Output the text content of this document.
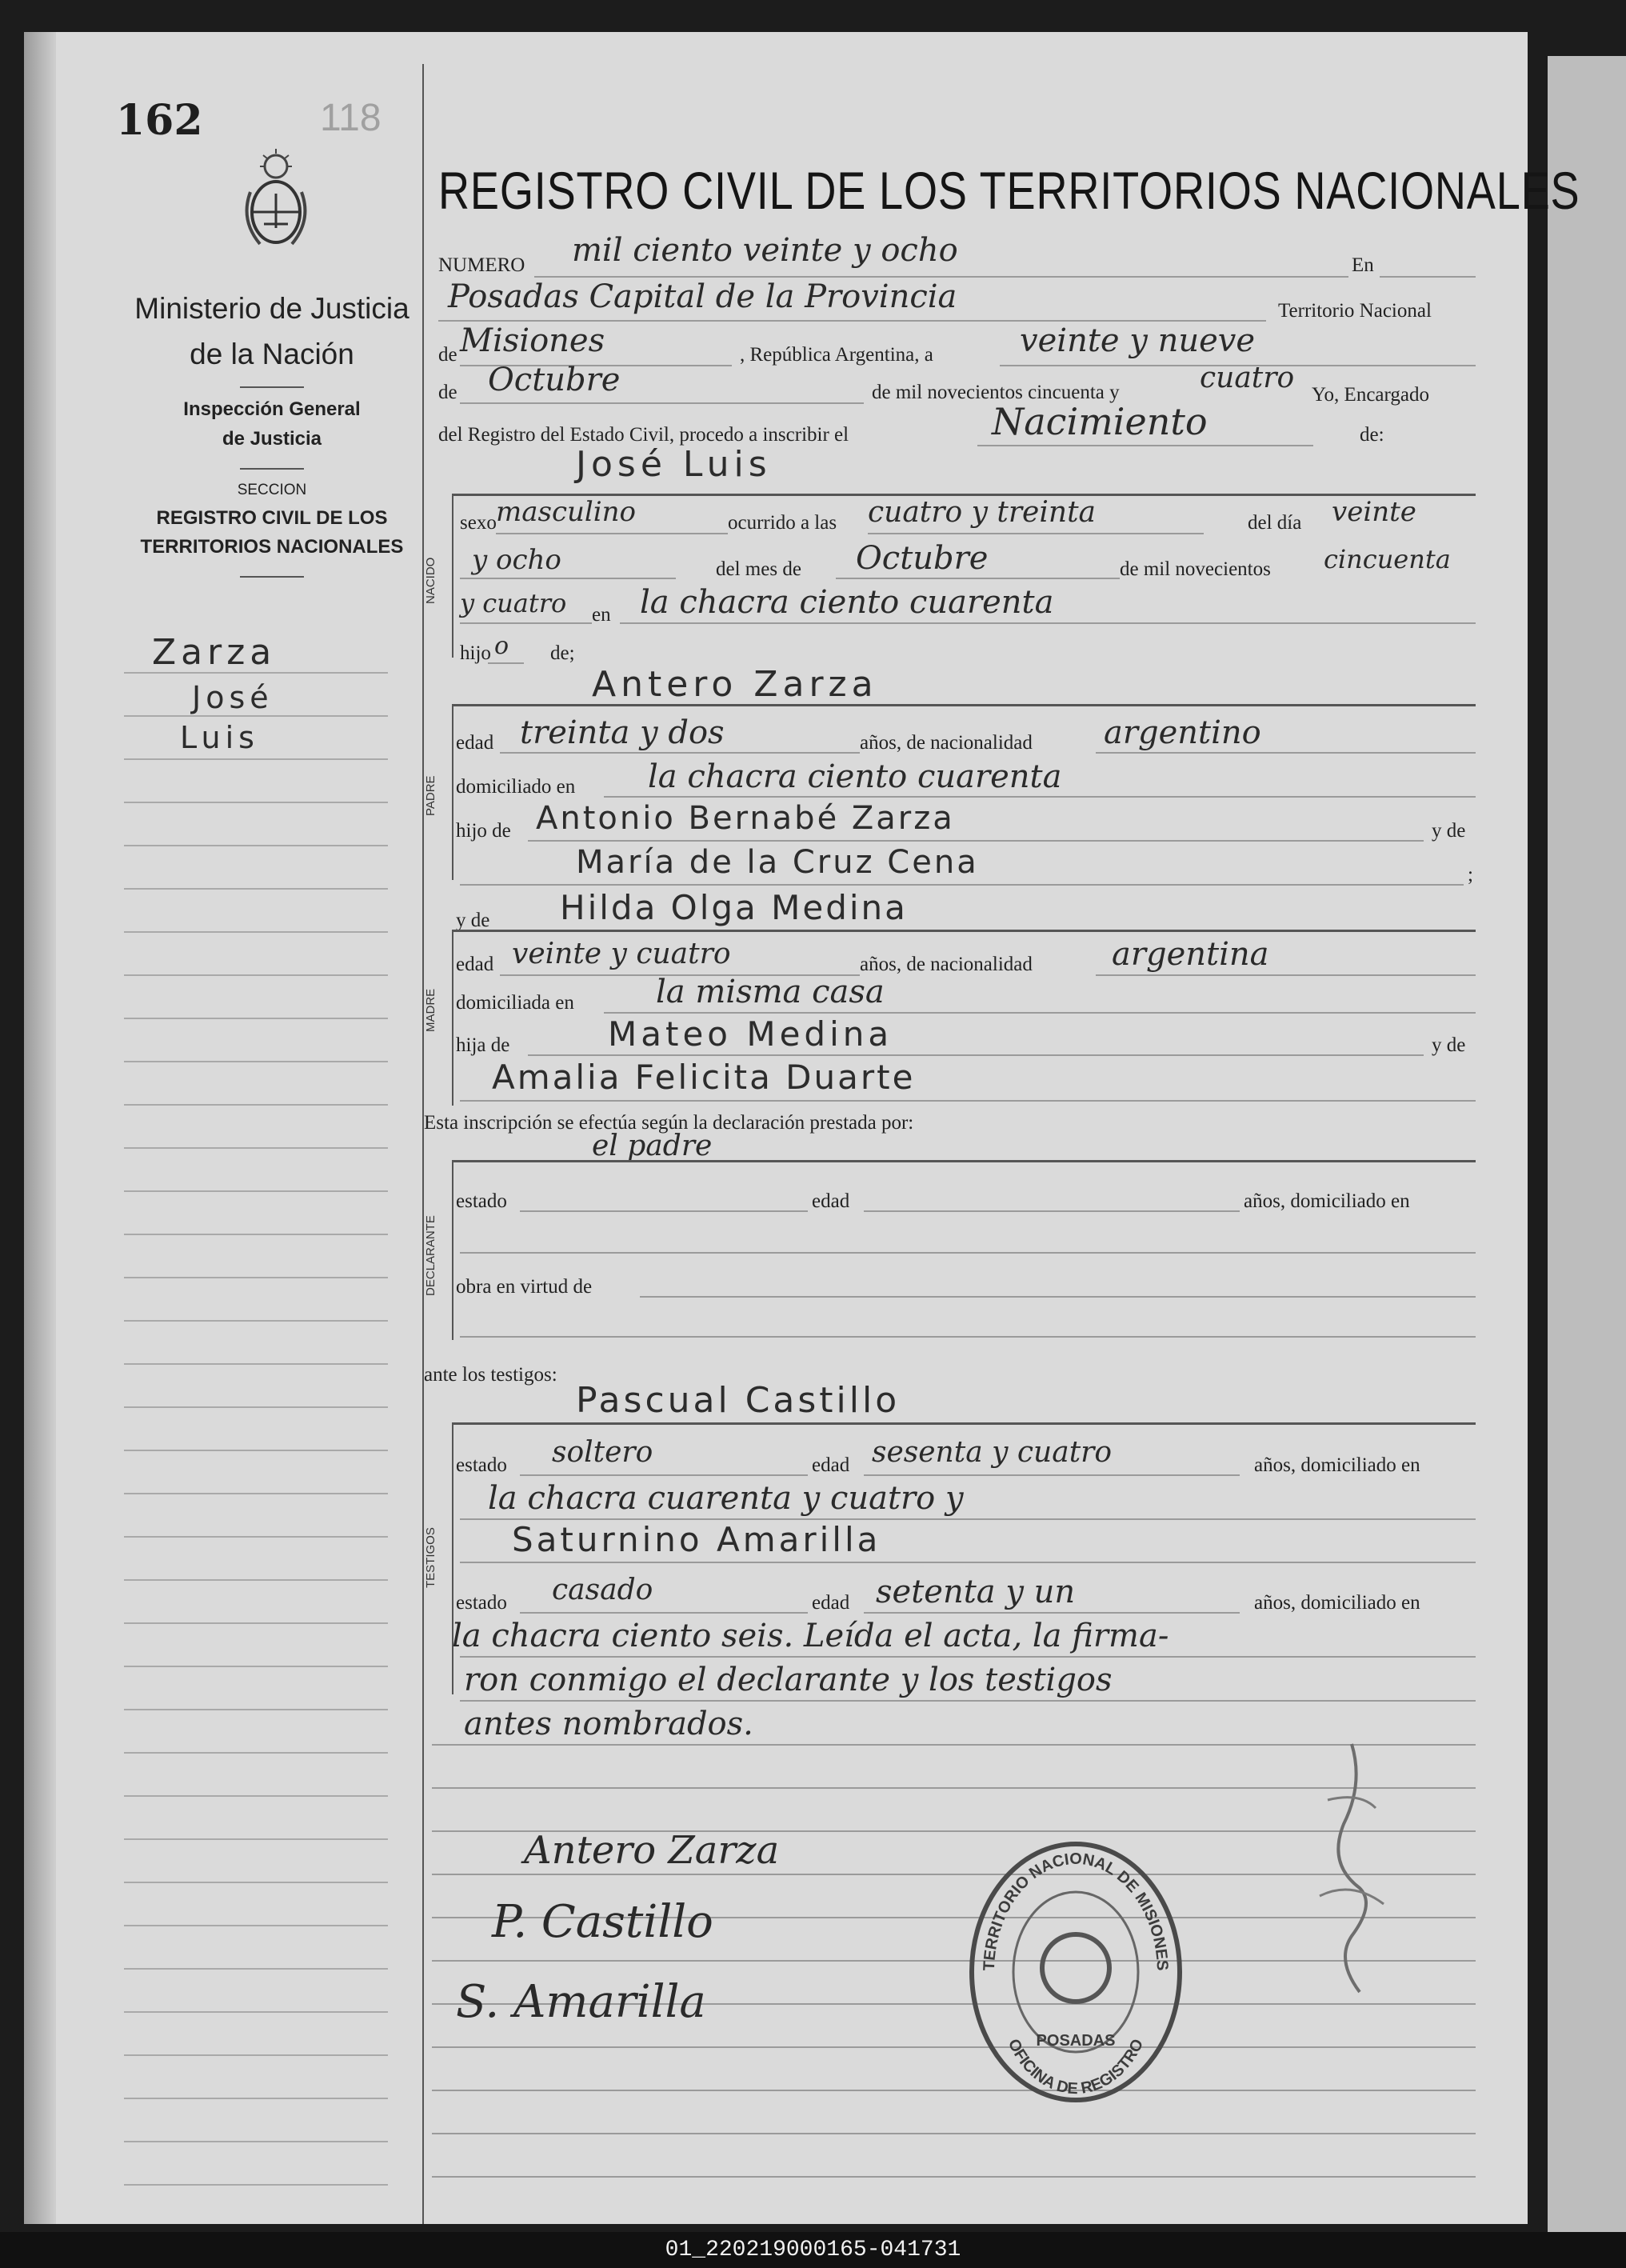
162	118
Ministerio de Justicia
de la Nación
Inspección General
de Justicia
SECCION
REGISTRO CIVIL DE LOS
TERRITORIOS NACIONALES
Zarza
José
Luis
REGISTRO CIVIL DE LOS TERRITORIOS NACIONALES
NUMERO mil ciento veinte y ocho	En
Posadas Capital de la Provincia	Territorio Nacional
de Misiones	, República Argentina, a	veinte y nueve
de Octubre	de mil novecientos cincuenta y	cuatro
Yo, Encargado
del Registro del Estado Civil, procedo a inscribir el	Nacimiento	de:
José Luis
NACIDO
sexo masculino	ocurrido a las cuatro y treinta	del día veinte
y ocho	del mes de Octubre	de mil novecientos cincuenta
y cuatro en la chacra ciento cuarenta
hijo o de;
Antero Zarza
PADRE
edad treinta y dos	años, de nacionalidad argentino
domiciliado en la chacra ciento cuarenta
hijo de Antonio Bernabé Zarza	y de
María de la Cruz Cena	;
y de Hilda Olga Medina
MADRE
edad veinte y cuatro	años, de nacionalidad argentina
domiciliada en	la misma casa
hija de	Mateo Medina	y de
Amalia Felicita Duarte
Esta inscripción se efectúa según la declaración prestada por:
el padre
DECLARANTE
estado	edad	años, domiciliado en
obra en virtud de
ante los testigos:
Pascual Castillo
TESTIGOS
estado soltero	edad sesenta y cuatro	años, domiciliado en
la chacra cuarenta y cuatro y
Saturnino Amarilla
estado casado	edad setenta y un	años, domiciliado en
la chacra ciento seis. Leída el acta, la firma-
ron conmigo el declarante y los testigos
antes nombrados.
Antero Zarza
P. Castillo
S. Amarilla
TERRITORIO NACIONAL DE MISIONES
OFICINA DE REGISTRO
POSADAS
01_220219000165-041731
